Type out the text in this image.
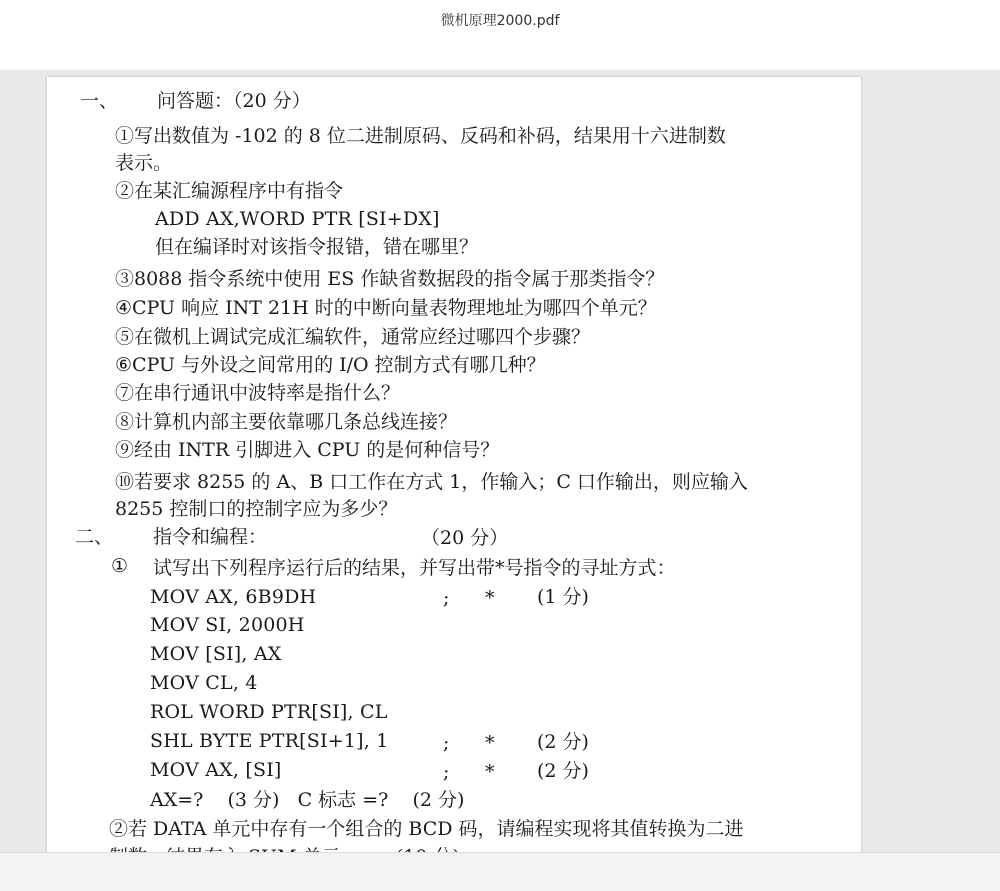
微机原理2000.pdf
一、 问答题：（20 分）
①写出数值为 -102 的 8 位二进制原码、反码和补码，结果用十六进制数
表示。
②在某汇编源程序中有指令
ADD AX,WORD PTR [SI+DX]
但在编译时对该指令报错，错在哪里？
③8088 指令系统中使用 ES 作缺省数据段的指令属于那类指令？
④CPU 响应 INT 21H 时的中断向量表物理地址为哪四个单元？
⑤在微机上调试完成汇编软件，通常应经过哪四个步骤？
⑥CPU 与外设之间常用的 I/O 控制方式有哪几种？
⑦在串行通讯中波特率是指什么？
⑧计算机内部主要依靠哪几条总线连接？
⑨经由 INTR 引脚进入 CPU 的是何种信号？
⑩若要求 8255 的 A、B 口工作在方式 1，作输入；C 口作输出，则应输入
8255 控制口的控制字应为多少？
二、 指令和编程：	（20 分）
① 试写出下列程序运行后的结果，并写出带*号指令的寻址方式：
MOV AX, 6B9DH	; * (1 分)
MOV SI, 2000H
MOV [SI], AX
MOV CL, 4
ROL WORD PTR[SI], CL
SHL BYTE PTR[SI+1], 1	; * (2 分)
MOV AX, [SI]	; * (2 分)
AX=?    (3 分)   C 标志 =?    (2 分)
②若 DATA 单元中存有一个组合的 BCD 码，请编程实现将其值转换为二进
